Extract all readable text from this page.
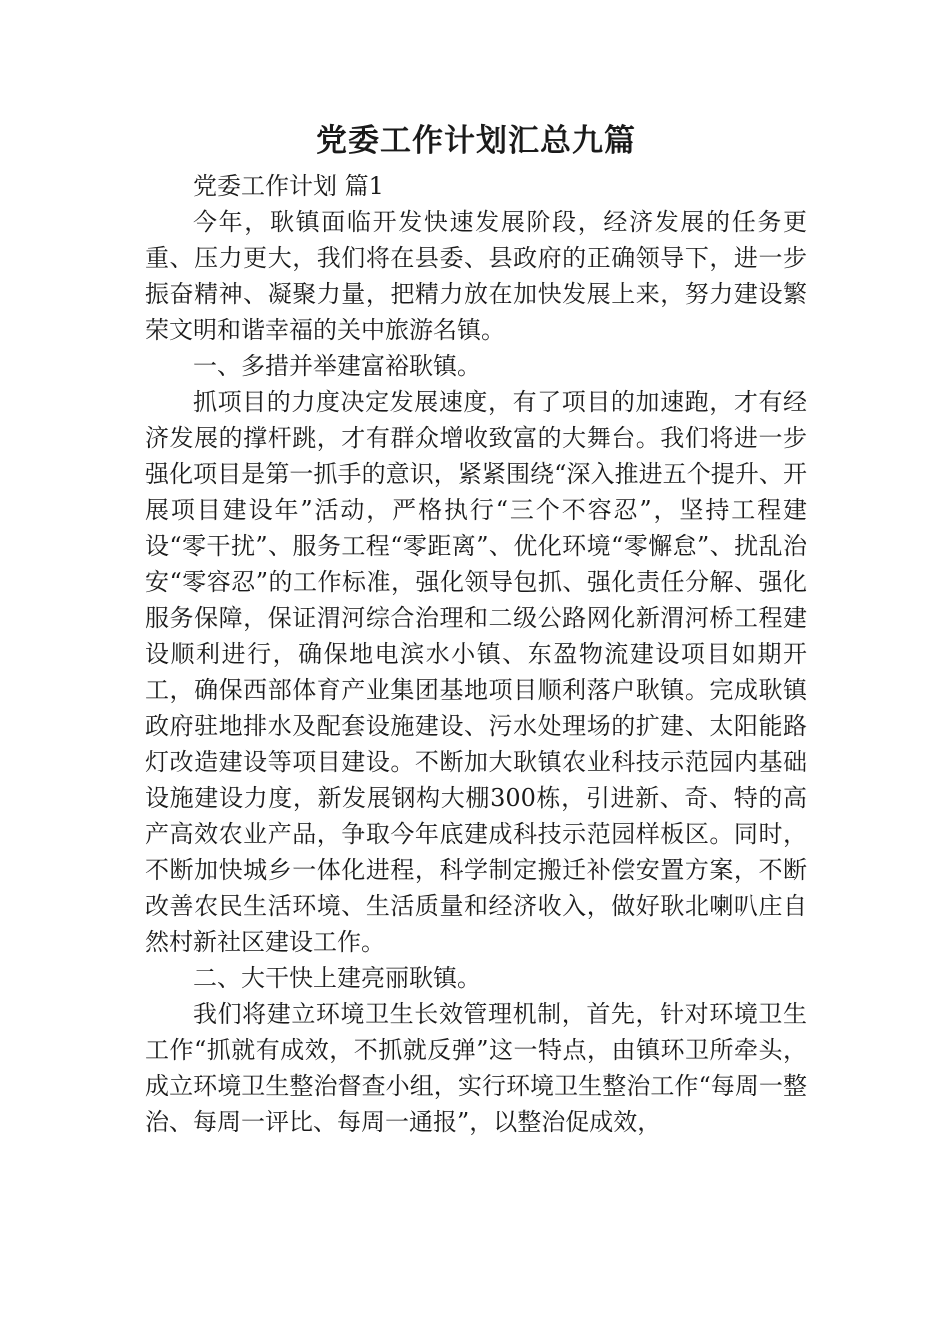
党委工作计划汇总九篇

党委工作计划 篇1

今年，耿镇面临开发快速发展阶段，经济发展的任务更重、压力更大，我们将在县委、县政府的正确领导下，进一步振奋精神、凝聚力量，把精力放在加快发展上来，努力建设繁荣文明和谐幸福的关中旅游名镇。

一、多措并举建富裕耿镇。

抓项目的力度决定发展速度，有了项目的加速跑，才有经济发展的撑杆跳，才有群众增收致富的大舞台。我们将进一步强化项目是第一抓手的意识，紧紧围绕“深入推进五个提升、开展项目建设年”活动，严格执行“三个不容忍”，坚持工程建设“零干扰”、服务工程“零距离”、优化环境“零懈怠”、扰乱治安“零容忍”的工作标准，强化领导包抓、强化责任分解、强化服务保障，保证渭河综合治理和二级公路网化新渭河桥工程建设顺利进行，确保地电滨水小镇、东盈物流建设项目如期开工，确保西部体育产业集团基地项目顺利落户耿镇。完成耿镇政府驻地排水及配套设施建设、污水处理场的扩建、太阳能路灯改造建设等项目建设。不断加大耿镇农业科技示范园内基础设施建设力度，新发展钢构大棚300栋，引进新、奇、特的高产高效农业产品，争取今年底建成科技示范园样板区。同时，不断加快城乡一体化进程，科学制定搬迁补偿安置方案，不断改善农民生活环境、生活质量和经济收入，做好耿北喇叭庄自然村新社区建设工作。

二、大干快上建亮丽耿镇。

我们将建立环境卫生长效管理机制，首先，针对环境卫生工作“抓就有成效，不抓就反弹”这一特点，由镇环卫所牵头，成立环境卫生整治督查小组，实行环境卫生整治工作“每周一整治、每周一评比、每周一通报”，以整治促成效，
